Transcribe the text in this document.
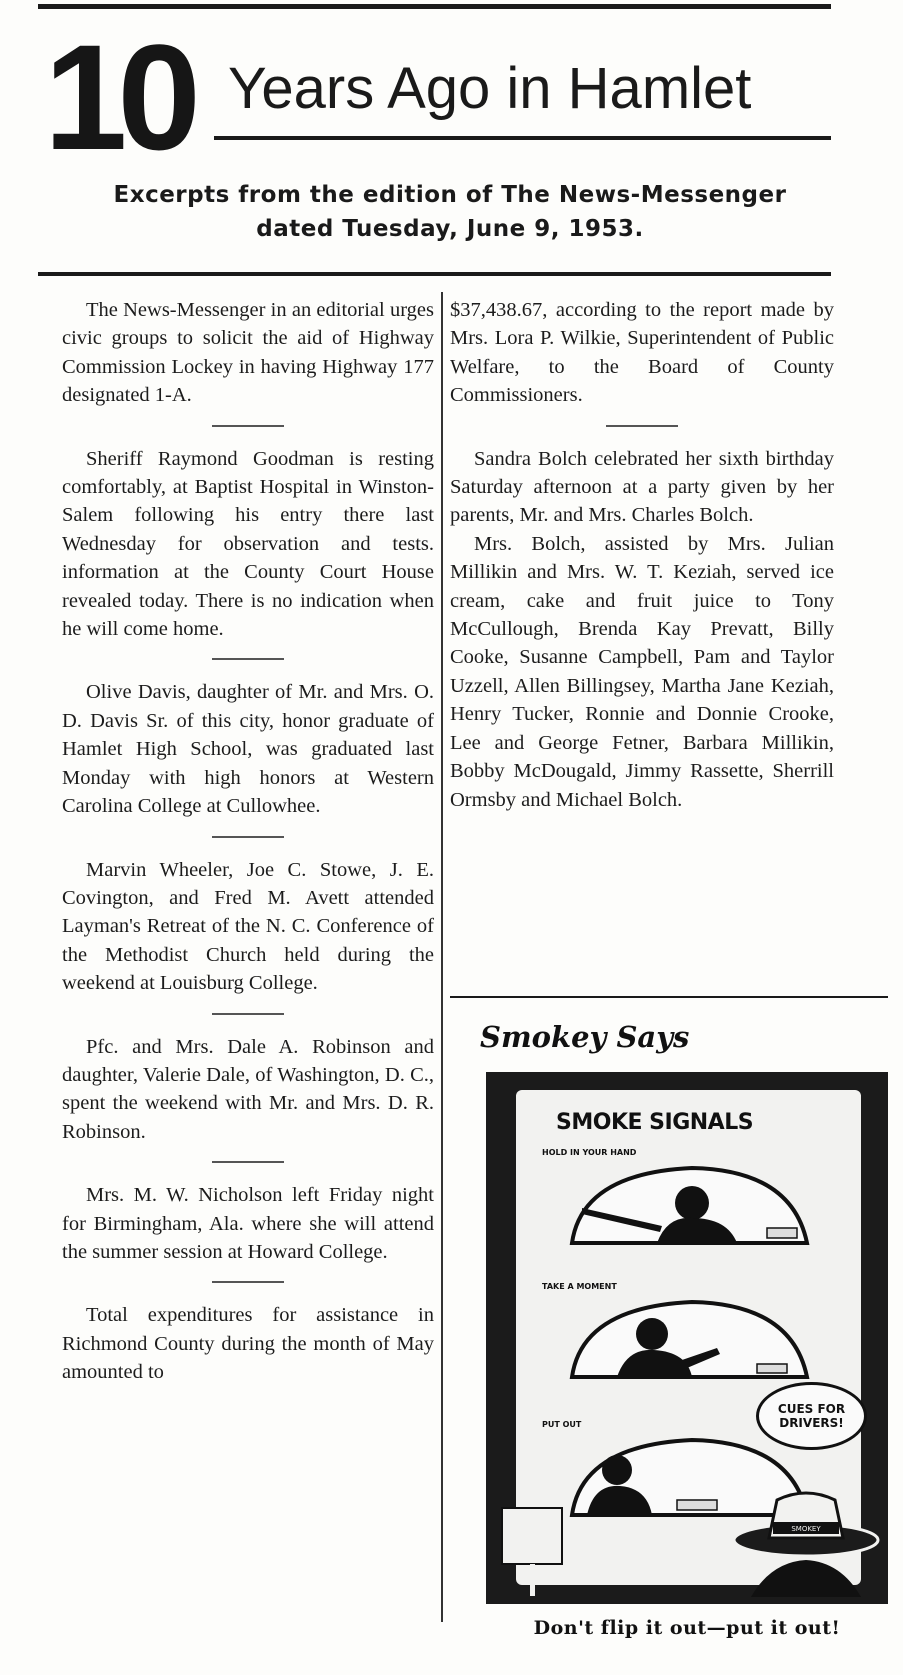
10 Years Ago in Hamlet
Excerpts from the edition of The News-Messenger
dated Tuesday, June 9, 1953.

The News-Messenger in an editorial urges civic groups to solicit the aid of Highway Commission Lockey in having Highway 177 designated 1-A.

Sheriff Raymond Goodman is resting comfortably, at Baptist Hospital in Winston-Salem following his entry there last Wednesday for observation and tests. information at the County Court House revealed today. There is no indication when he will come home.

Olive Davis, daughter of Mr. and Mrs. O. D. Davis Sr. of this city, honor graduate of Hamlet High School, was graduated last Monday with high honors at Western Carolina College at Cullowhee.

Marvin Wheeler, Joe C. Stowe, J. E. Covington, and Fred M. Avett attended Layman's Retreat of the N. C. Conference of the Methodist Church held during the weekend at Louisburg College.

Pfc. and Mrs. Dale A. Robinson and daughter, Valerie Dale, of Washington, D. C., spent the weekend with Mr. and Mrs. D. R. Robinson.

Mrs. M. W. Nicholson left Friday night for Birmingham, Ala. where she will attend the summer session at Howard College.

Total expenditures for assistance in Richmond County during the month of May amounted to

$37,438.67, according to the report made by Mrs. Lora P. Wilkie, Superintendent of Public Welfare, to the Board of County Commissioners.

Sandra Bolch celebrated her sixth birthday Saturday afternoon at a party given by her parents, Mr. and Mrs. Charles Bolch.

Mrs. Bolch, assisted by Mrs. Julian Millikin and Mrs. W. T. Keziah, served ice cream, cake and fruit juice to Tony McCullough, Brenda Kay Prevatt, Billy Cooke, Susanne Campbell, Pam and Taylor Uzzell, Allen Billingsey, Martha Jane Keziah, Henry Tucker, Ronnie and Donnie Crooke, Lee and George Fetner, Barbara Millikin, Bobby McDougald, Jimmy Rassette, Sherrill Ormsby and Michael Bolch.

Smokey Says
SMOKE SIGNALS
HOLD IN YOUR HAND
TAKE A MOMENT
PUT OUT
CUES FOR DRIVERS!
SMOKEY
Don't flip it out—put it out!
